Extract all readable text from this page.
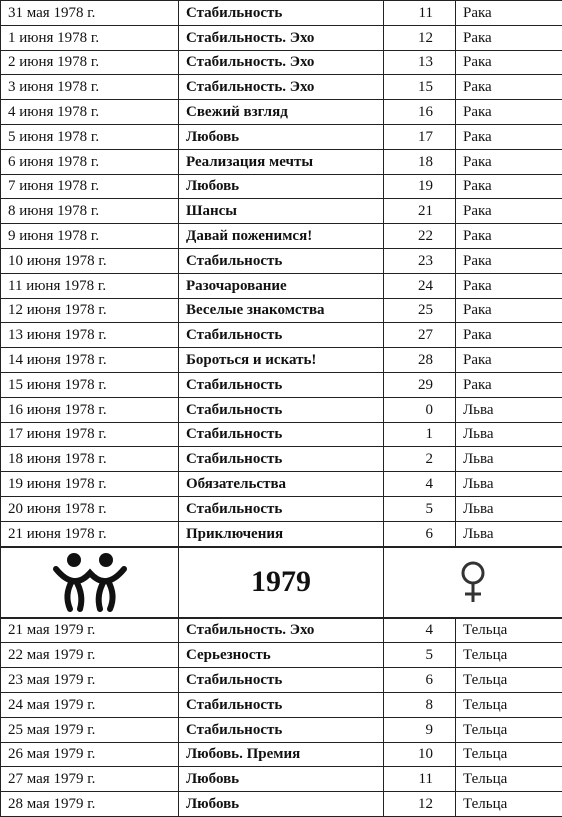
31 мая 1978 г.	Стабильность	11	Рака
1 июня 1978 г.	Стабильность. Эхо	12	Рака
2 июня 1978 г.	Стабильность. Эхо	13	Рака
3 июня 1978 г.	Стабильность. Эхо	15	Рака
4 июня 1978 г.	Свежий взгляд	16	Рака
5 июня 1978 г.	Любовь	17	Рака
6 июня 1978 г.	Реализация мечты	18	Рака
7 июня 1978 г.	Любовь	19	Рака
8 июня 1978 г.	Шансы	21	Рака
9 июня 1978 г.	Давай поженимся!	22	Рака
10 июня 1978 г.	Стабильность	23	Рака
11 июня 1978 г.	Разочарование	24	Рака
12 июня 1978 г.	Веселые знакомства	25	Рака
13 июня 1978 г.	Стабильность	27	Рака
14 июня 1978 г.	Бороться и искать!	28	Рака
15 июня 1978 г.	Стабильность	29	Рака
16 июня 1978 г.	Стабильность	0	Льва
17 июня 1978 г.	Стабильность	1	Льва
18 июня 1978 г.	Стабильность	2	Льва
19 июня 1978 г.	Обязательства	4	Льва
20 июня 1978 г.	Стабильность	5	Льва
21 июня 1978 г.	Приключения	6	Льва
	1979	
21 мая 1979 г.	Стабильность. Эхо	4	Тельца
22 мая 1979 г.	Серьезность	5	Тельца
23 мая 1979 г.	Стабильность	6	Тельца
24 мая 1979 г.	Стабильность	8	Тельца
25 мая 1979 г.	Стабильность	9	Тельца
26 мая 1979 г.	Любовь. Премия	10	Тельца
27 мая 1979 г.	Любовь	11	Тельца
28 мая 1979 г.	Любовь	12	Тельца
